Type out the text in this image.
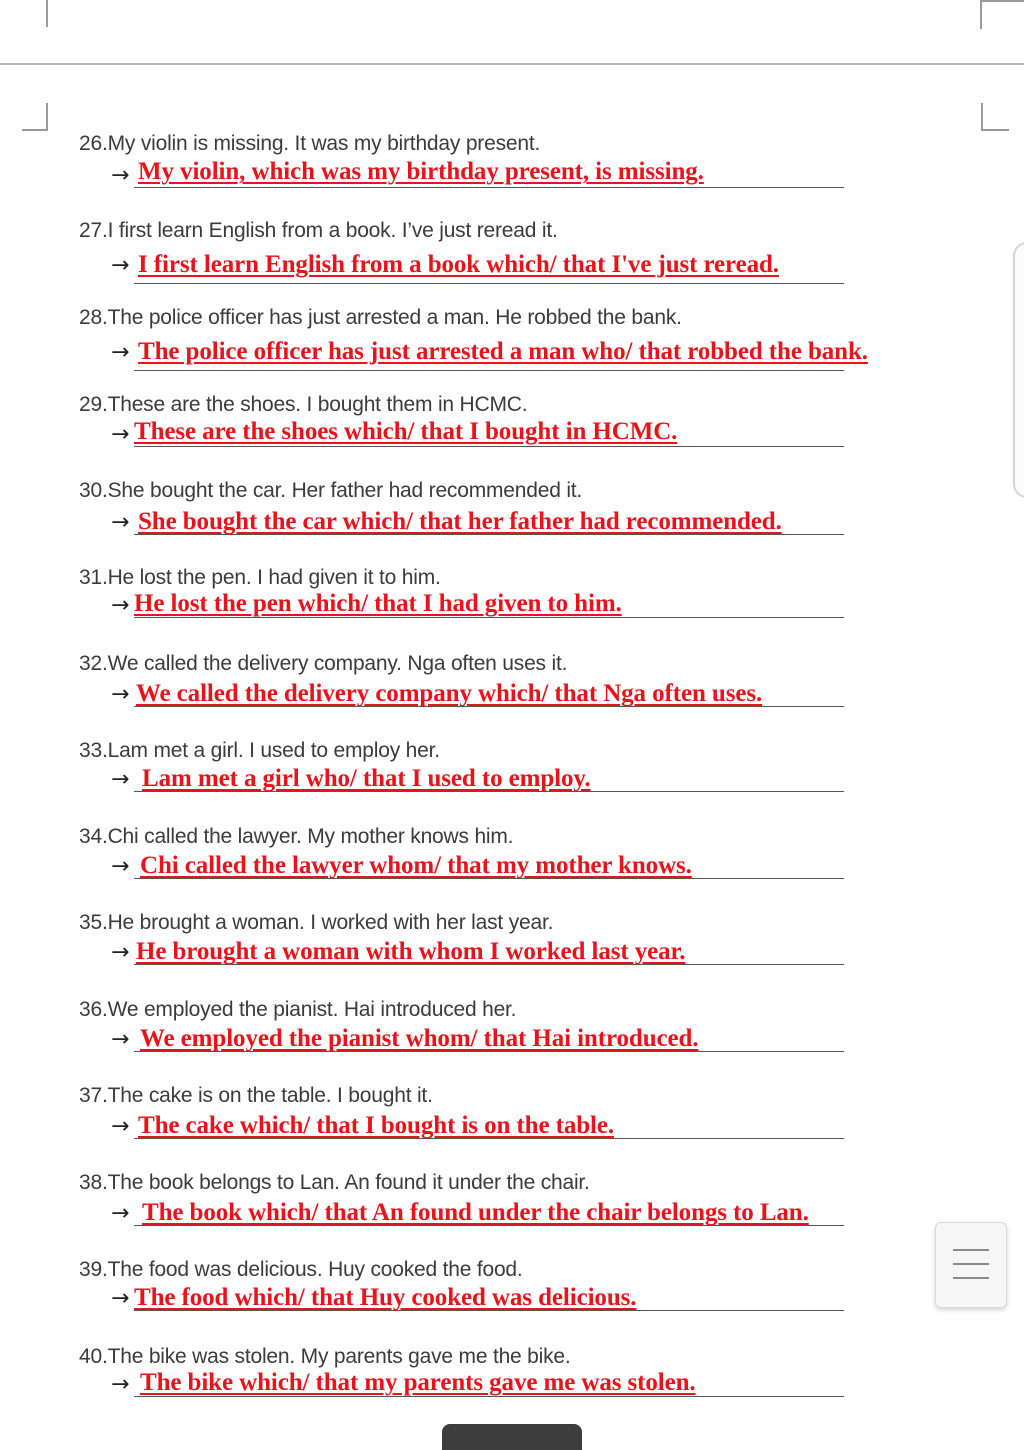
26.My violin is missing. It was my birthday present.
→ My violin, which was my birthday present, is missing.
27.I first learn English from a book. I’ve just reread it.
→ I first learn English from a book which/ that I've just reread.
28.The police officer has just arrested a man. He robbed the bank.
→ The police officer has just arrested a man who/ that robbed the bank.
29.These are the shoes. I bought them in HCMC.
→ These are the shoes which/ that I bought in HCMC.
30.She bought the car. Her father had recommended it.
→ She bought the car which/ that her father had recommended.
31.He lost the pen. I had given it to him.
→ He lost the pen which/ that I had given to him.
32.We called the delivery company. Nga often uses it.
→ We called the delivery company which/ that Nga often uses.
33.Lam met a girl. I used to employ her.
→ Lam met a girl who/ that I used to employ.
34.Chi called the lawyer. My mother knows him.
→ Chi called the lawyer whom/ that my mother knows.
35.He brought a woman. I worked with her last year.
→ He brought a woman with whom I worked last year.
36.We employed the pianist. Hai introduced her.
→ We employed the pianist whom/ that Hai introduced.
37.The cake is on the table. I bought it.
→ The cake which/ that I bought is on the table.
38.The book belongs to Lan. An found it under the chair.
→ The book which/ that An found under the chair belongs to Lan.
39.The food was delicious. Huy cooked the food.
→ The food which/ that Huy cooked was delicious.
40.The bike was stolen. My parents gave me the bike.
→ The bike which/ that my parents gave me was stolen.
